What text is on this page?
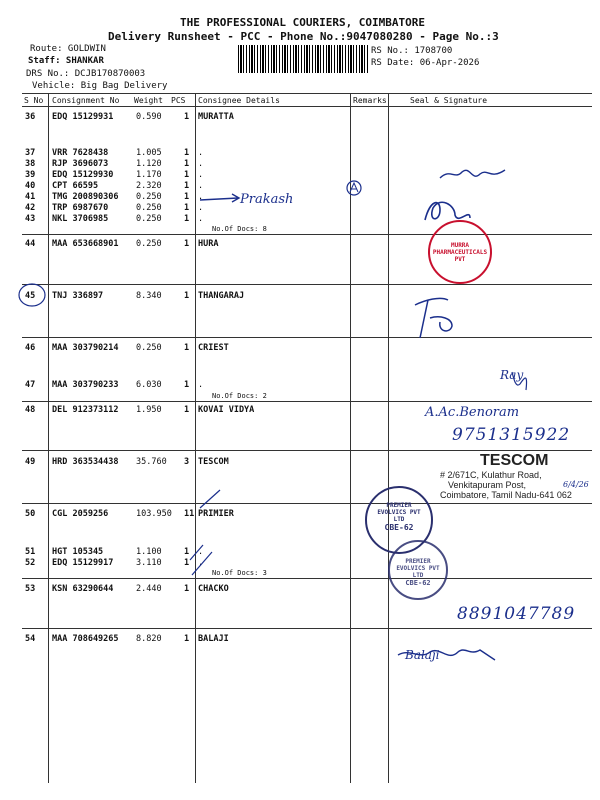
THE PROFESSIONAL COURIERS, COIMBATORE
Delivery Runsheet - PCC - Phone No.:9047080280 - Page No.:3
Route: GOLDWIN
Staff: SHANKAR
DRS No.: DCJB170870003
Vehicle: Big Bag Delivery
RS No.: 1708700
RS Date: 06-Apr-2026
S No Consignment No Weight PCS Consignee Details	Remarks	Seal & Signature
36 EDQ 15129931	0.590	1 MURATTA
37 VRR 7628438	1.005	1 .
38 RJP 3696073	1.120	1 .
39 EDQ 15129930	1.170	1 .
40 CPT 66595	2.320	1 .
41 TMG 200890306 0.250	1 .
42 TRP 6987670	0.250	1 .
43 NKL 3706985	0.250	1 .
44 MAA 653668901 0.250	1 HURA
45 TNJ 336897	8.340	1 THANGARAJ
46 MAA 303790214 0.250	1 CRIEST
47 MAA 303790233 6.030	1 .
48 DEL 912373112 1.950	1 KOVAI VIDYA
49 HRD 363534438 35.760 3 TESCOM
50 CGL 2059256	103.950 11 PRIMIER
51 HGT 105345	1.100	1 .
52 EDQ 15129917	3.110	1 .
53 KSN 63290644	2.440	1 CHACKO
54 MAA 708649265 8.820	1 BALAJI
No.Of Docs: 8
No.Of Docs: 2
No.Of Docs: 3
Prakash
A.Ac.Benoram
9751315922
8891047789
Ray
Balaji
MURRA PHARMACEUTICALS PVT
TESCOM
# 2/671C, Kulathur Road,
Venkitapuram Post,
Coimbatore, Tamil Nadu-641 062
6/4/26
PREMIER EVOLVICS PVT LTD
CBE-62
PREMIER EVOLVICS PVT LTD
CBE-62
